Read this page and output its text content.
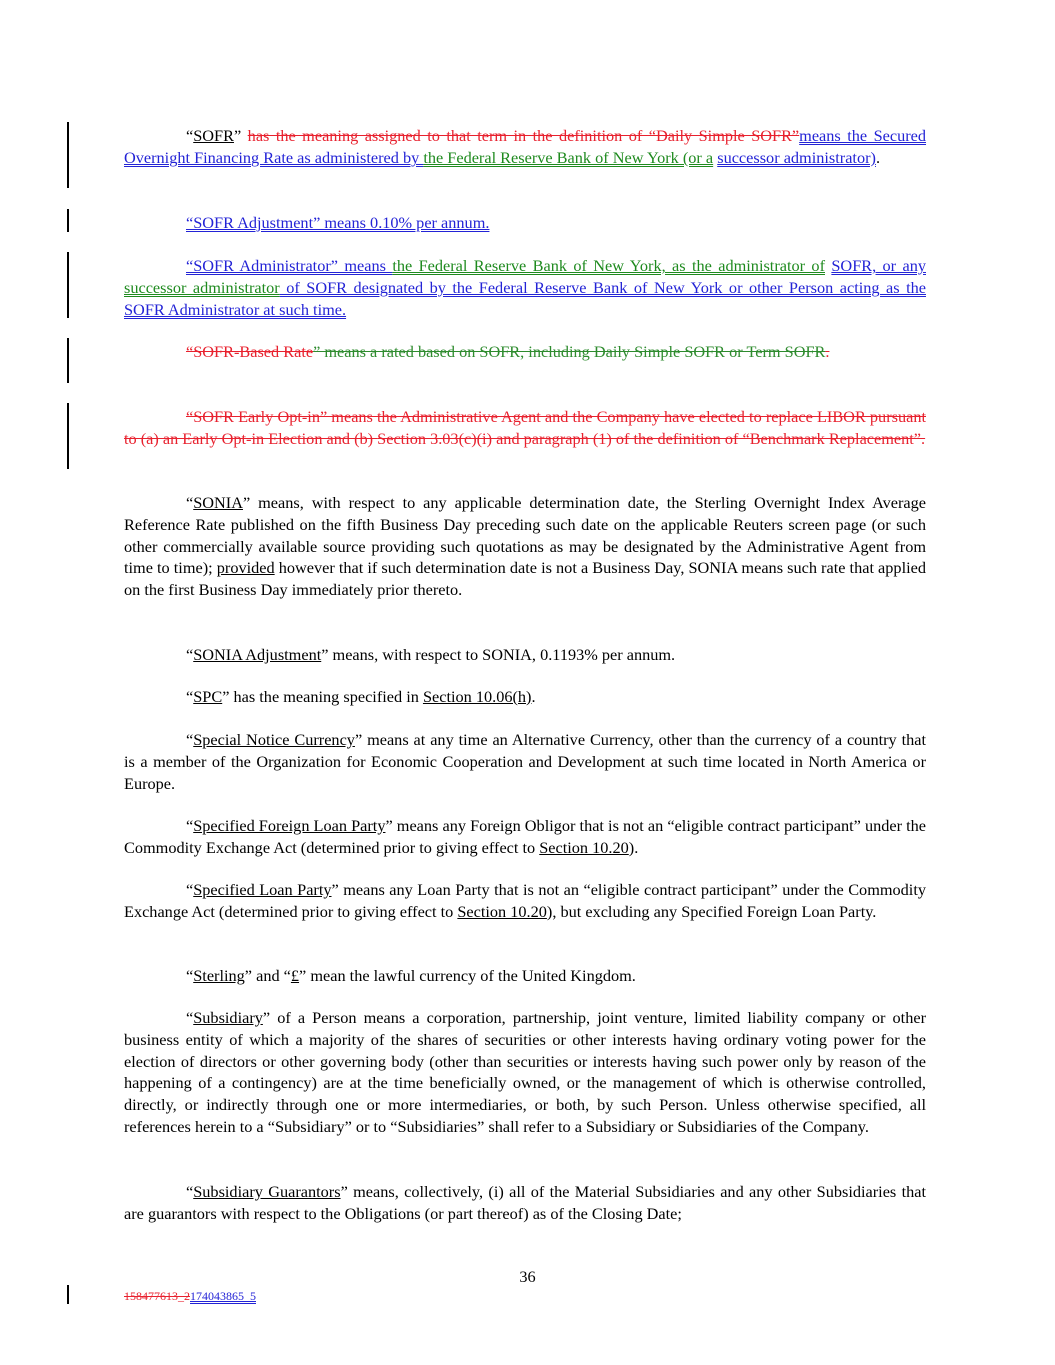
“SOFR” has the meaning assigned to that term in the definition of “Daily Simple SOFR”means the Secured Overnight Financing Rate as administered by the Federal Reserve Bank of New York (or a successor administrator).

“SOFR Adjustment” means 0.10% per annum.

“SOFR Administrator” means the Federal Reserve Bank of New York, as the administrator of SOFR, or any successor administrator of SOFR designated by the Federal Reserve Bank of New York or other Person acting as the SOFR Administrator at such time.

“SOFR-Based Rate” means a rated based on SOFR, including Daily Simple SOFR or Term SOFR.

“SOFR Early Opt-in” means the Administrative Agent and the Company have elected to replace LIBOR pursuant to (a) an Early Opt-in Election and (b) Section 3.03(c)(i) and paragraph (1) of the definition of “Benchmark Replacement”.

“SONIA” means, with respect to any applicable determination date, the Sterling Overnight Index Average Reference Rate published on the fifth Business Day preceding such date on the applicable Reuters screen page (or such other commercially available source providing such quotations as may be designated by the Administrative Agent from time to time); provided however that if such determination date is not a Business Day, SONIA means such rate that applied on the first Business Day immediately prior thereto.

“SONIA Adjustment” means, with respect to SONIA, 0.1193% per annum.

“SPC” has the meaning specified in Section 10.06(h).

“Special Notice Currency” means at any time an Alternative Currency, other than the currency of a country that is a member of the Organization for Economic Cooperation and Development at such time located in North America or Europe.

“Specified Foreign Loan Party” means any Foreign Obligor that is not an “eligible contract participant” under the Commodity Exchange Act (determined prior to giving effect to Section 10.20).

“Specified Loan Party” means any Loan Party that is not an “eligible contract participant” under the Commodity Exchange Act (determined prior to giving effect to Section 10.20), but excluding any Specified Foreign Loan Party.

“Sterling” and “£” mean the lawful currency of the United Kingdom.

“Subsidiary” of a Person means a corporation, partnership, joint venture, limited liability company or other business entity of which a majority of the shares of securities or other interests having ordinary voting power for the election of directors or other governing body (other than securities or interests having such power only by reason of the happening of a contingency) are at the time beneficially owned, or the management of which is otherwise controlled, directly, or indirectly through one or more intermediaries, or both, by such Person. Unless otherwise specified, all references herein to a “Subsidiary” or to “Subsidiaries” shall refer to a Subsidiary or Subsidiaries of the Company.

“Subsidiary Guarantors” means, collectively, (i) all of the Material Subsidiaries and any other Subsidiaries that are guarantors with respect to the Obligations (or part thereof) as of the Closing Date;

36
158477613_2174043865_5
